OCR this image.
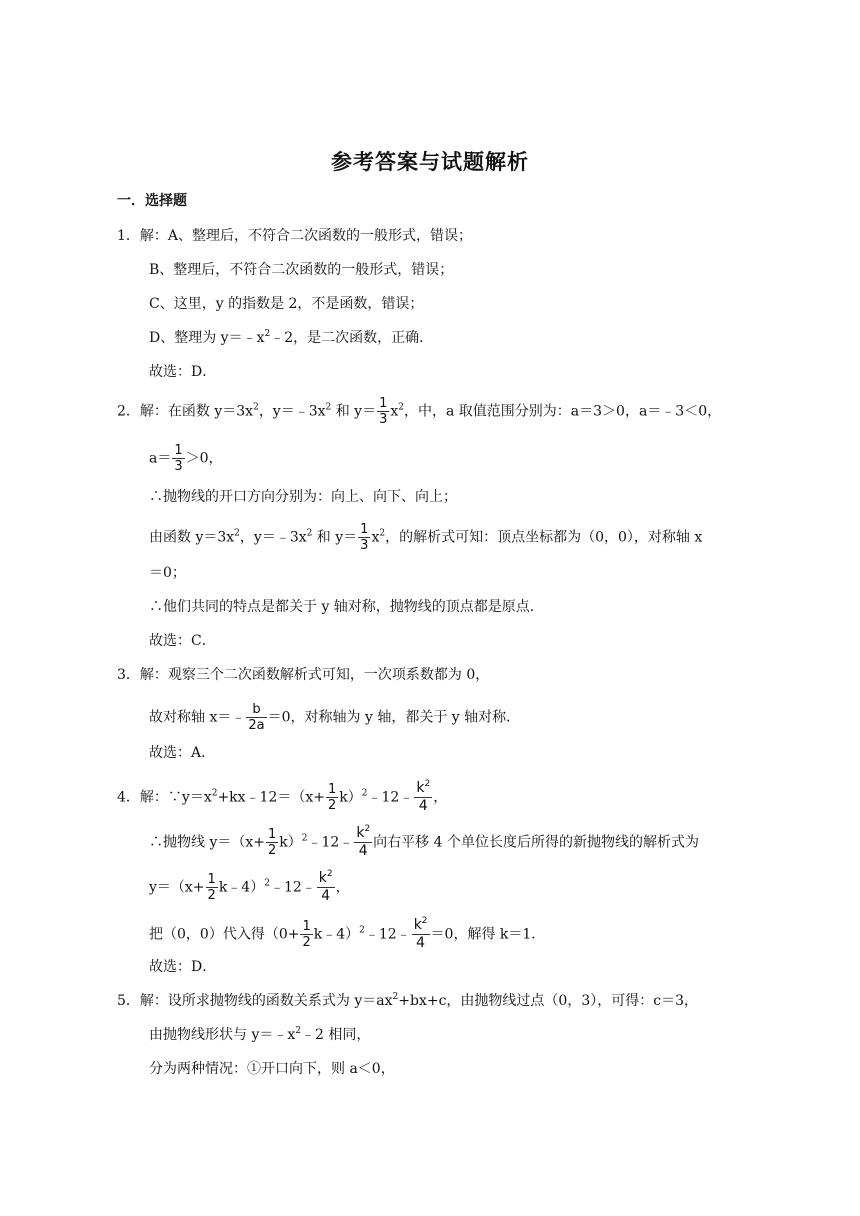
参考答案与试题解析
一．选择题
1．解：A、整理后，不符合二次函数的一般形式，错误；
B、整理后，不符合二次函数的一般形式，错误；
C、这里，y 的指数是 2，不是函数，错误；
D、整理为 $y=﹣x^2﹣2$，是二次函数，正确．
故选：D．
2．解：在函数 $y=3x^2$，$y=﹣3x^2$ 和 $y= \frac{1}{3} x^2$，中，a 取值范围分别为：a＝3＞0，a＝﹣3＜0，
$a= \frac{1}{3} >0$，
∴抛物线的开口方向分别为：向上、向下、向上；
由函数 $y=3x^2$，$y=﹣3x^2$ 和 $y= \frac{1}{3} x^2$，的解析式可知：顶点坐标都为（0，0），对称轴 x
＝0；
∴他们共同的特点是都关于 y 轴对称，抛物线的顶点都是原点．
故选：C．
3．解：观察三个二次函数解析式可知，一次项系数都为 0，
故对称轴 x＝﹣ $\frac{b}{2a} =0$，对称轴为 y 轴，都关于 y 轴对称．
故选：A．
4．解：$\because y=x^2+kx﹣12=(x+ \frac{1}{2}$ k）$^2$﹣12﹣ $\frac{k^2}{4}$ ，
∴抛物线 $y=(x+ \frac{1}{2}$ $k)^2﹣12﹣ \frac{k^2}{4}$ 向右平移 4 个单位长度后所得的新抛物线的解析式为
$y=(x+ \frac{1}{2}$ k﹣4）$^2$﹣12﹣ $\frac{k^2}{4}$ ，
把（0，0）代入得（$0+ \frac{1}{2}$ k﹣4）$^2$﹣12﹣ $\frac{k^2}{4} =0$，解得 k＝1．
故选：D．
5．解：设所求抛物线的函数关系式为 $y=ax^2+bx+c$，由抛物线过点（0，3），可得：c＝3，
由抛物线形状与 $y=﹣x^2﹣2$ 相同，
分为两种情况：①开口向下，则 a＜0，
